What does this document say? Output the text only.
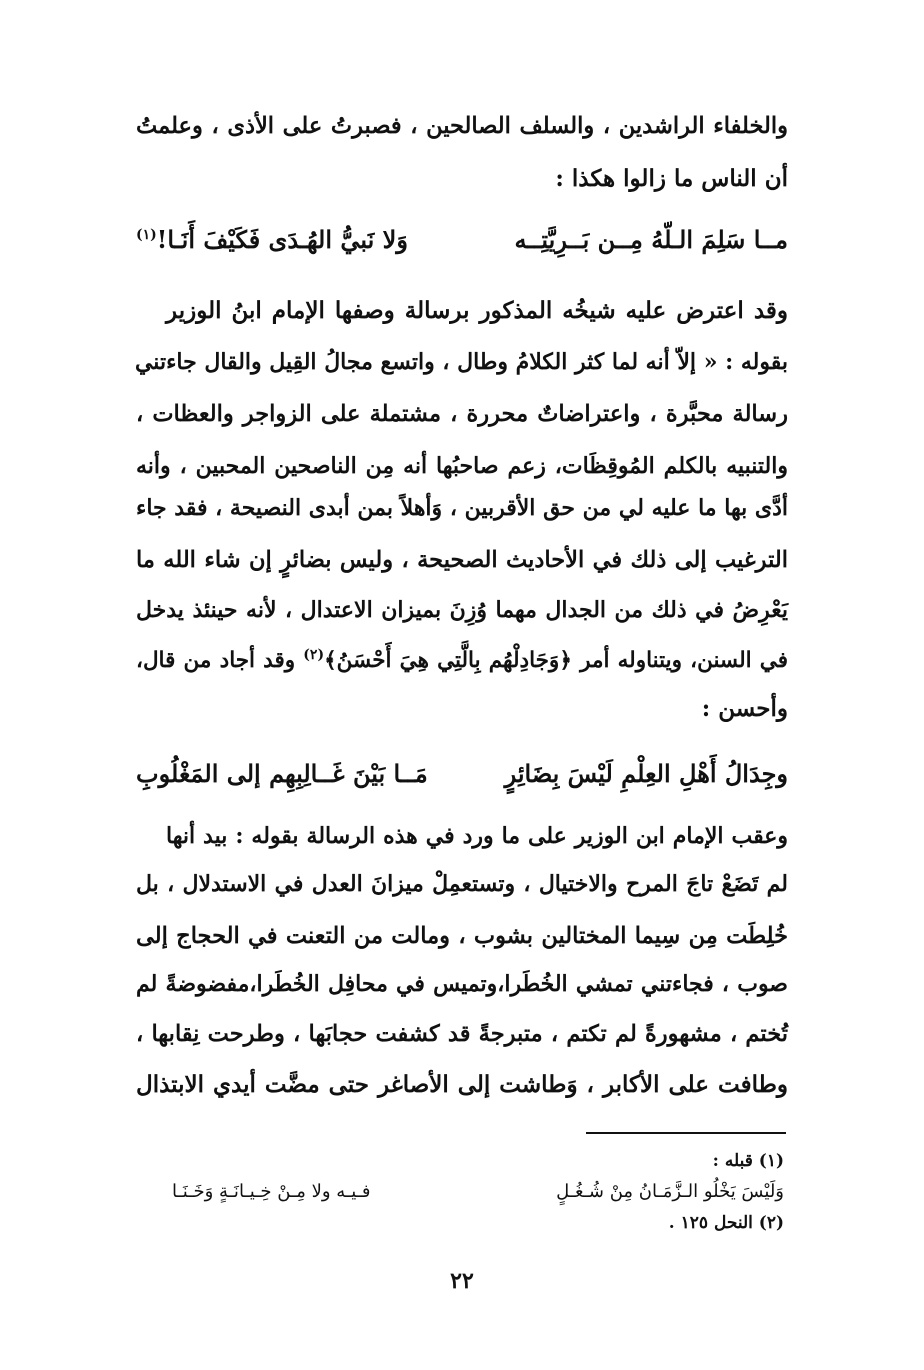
والخلفاء الراشدين ، والسلف الصالحين ، فصبرتُ على الأذى ، وعلمتُ
أن الناس ما زالوا هكذا :
مــا سَلِمَ الـلّهُ مِــن بَــرِيَّتِــه
وَلا نَبيُّ الهُـدَى فَكَيْفَ أَنَـا!$^{(١)}$
وقد اعترض عليه شيخُه المذكور برسالة وصفها الإمام ابنُ الوزير
بقوله : « إلاّ أنه لما كثر الكلامُ وطال ، واتسع مجالُ القِيل والقال جاءتني
رسالة محبَّرة ، واعتراضاتٌ محررة ، مشتملة على الزواجر والعظات ،
والتنبيه بالكلم المُوقِظَات، زعم صاحبُها أنه مِن الناصحين المحبين ، وأنه
أدَّى بها ما عليه لي من حق الأقربين ، وَأهلاً بمن أبدى النصيحة ، فقد جاء
الترغيب إلى ذلك في الأحاديث الصحيحة ، وليس بضائرٍ إن شاء الله ما
يَعْرِضُ في ذلك من الجدال مهما وُزِنَ بميزان الاعتدال ، لأنه حينئذ يدخل
في السنن، ويتناوله أمر ﴿وَجَادِلْهُم بِالَّتِي هِيَ أَحْسَنُ﴾$^{(٢)}$ وقد أجاد من قال،
وأحسن :
وجِدَالُ أَهْلِ العِلْمِ لَيْسَ بِضَائِرٍ
مَــا بَيْنَ غَــالِبِهِم إلى المَغْلُوبِ
وعقب الإمام ابن الوزير على ما ورد في هذه الرسالة بقوله : بيد أنها
لم تَضَعْ تاجَ المرح والاختيال ، وتستعمِلْ ميزانَ العدل في الاستدلال ، بل
خُلِطَت مِن سِيما المختالين بشوب ، ومالت من التعنت في الحجاج إلى
صوب ، فجاءتني تمشي الخُطَرا،وتميس في محافِل الخُطَرا،مفضوضةً لم
تُختم ، مشهورةً لم تكتم ، متبرجةً قد كشفت حجابَها ، وطرحت نِقابها ،
وطافت على الأكابر ، وَطاشت إلى الأصاغر حتى مضَّت أيدي الابتذال
(١) قبله :
وَلَيْسَ يَخْلُو الـزَّمَـانُ مِنْ شُـغُـلٍ
فـيـه ولا مِـنْ خِـيـانَـةٍ وَخَـنَـا
(٢) النحل ١٢٥ .
٢٢
